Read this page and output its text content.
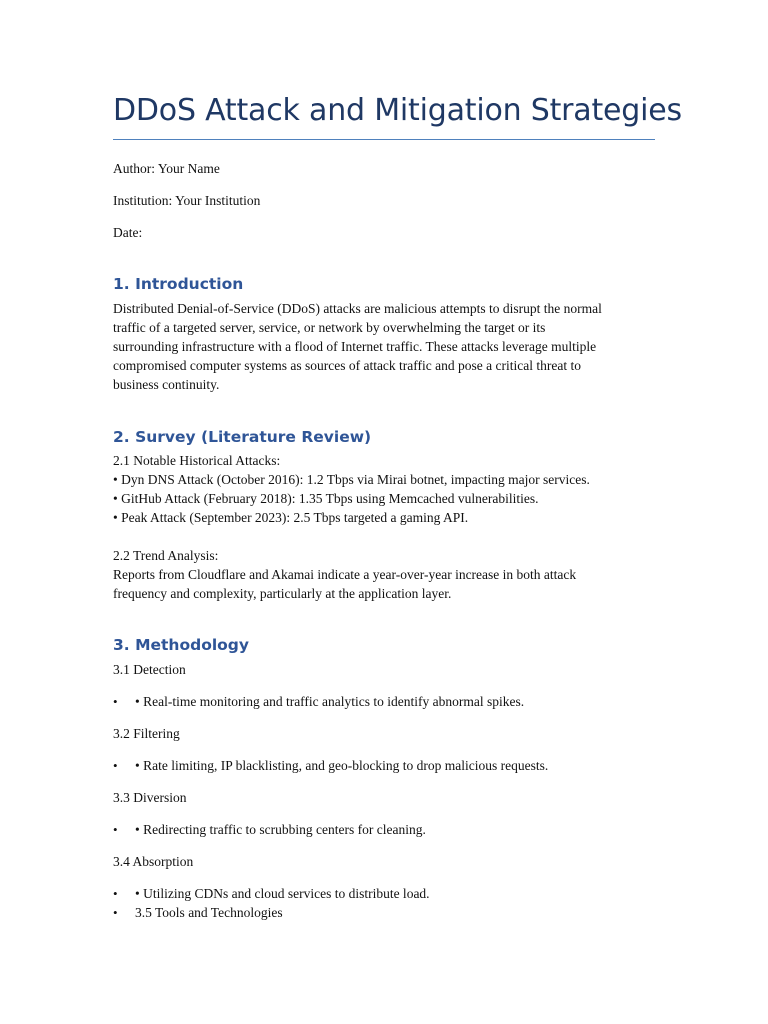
DDoS Attack and Mitigation Strategies
Author: Your Name
Institution: Your Institution
Date:
1. Introduction
Distributed Denial-of-Service (DDoS) attacks are malicious attempts to disrupt the normal
traffic of a targeted server, service, or network by overwhelming the target or its
surrounding infrastructure with a flood of Internet traffic. These attacks leverage multiple
compromised computer systems as sources of attack traffic and pose a critical threat to
business continuity.
2. Survey (Literature Review)
2.1 Notable Historical Attacks:
• Dyn DNS Attack (October 2016): 1.2 Tbps via Mirai botnet, impacting major services.
• GitHub Attack (February 2018): 1.35 Tbps using Memcached vulnerabilities.
• Peak Attack (September 2023): 2.5 Tbps targeted a gaming API.
2.2 Trend Analysis:
Reports from Cloudflare and Akamai indicate a year-over-year increase in both attack
frequency and complexity, particularly at the application layer.
3. Methodology
3.1 Detection
• • Real-time monitoring and traffic analytics to identify abnormal spikes.
3.2 Filtering
• • Rate limiting, IP blacklisting, and geo-blocking to drop malicious requests.
3.3 Diversion
• • Redirecting traffic to scrubbing centers for cleaning.
3.4 Absorption
• • Utilizing CDNs and cloud services to distribute load.
• 3.5 Tools and Technologies
